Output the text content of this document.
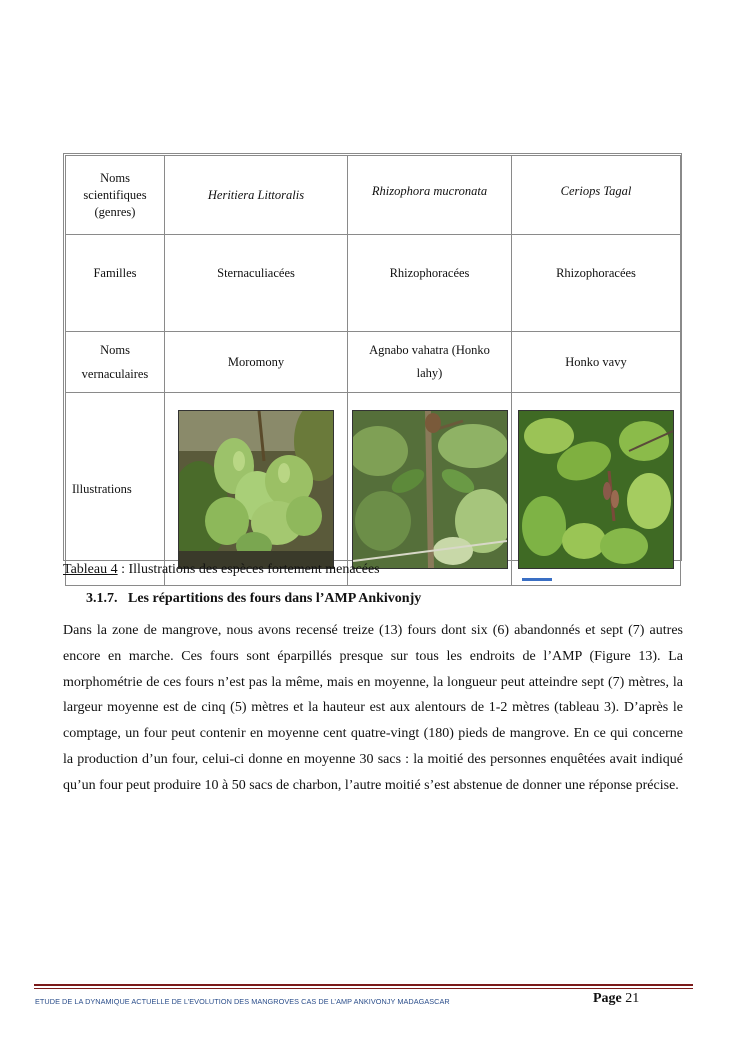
Noms scientifiques (genres)	Heritiera Littoralis	Rhizophora mucronata	Ceriops Tagal
Familles	Sternaculiacées	Rhizophoracées	Rhizophoracées
Noms vernaculaires	Moromony	Agnabo vahatra (Honko lahy)	Honko vavy
Illustrations	

Tableau 4 : Illustrations des espèces fortement menacées
3.1.7.   Les répartitions des fours dans l’AMP Ankivonjy

Dans la zone de mangrove, nous avons recensé treize (13) fours dont six (6) abandonnés et sept (7) autres encore en marche. Ces fours sont éparpillés presque sur tous les endroits de l’AMP (Figure 13). La morphométrie de ces fours n’est pas la même, mais en moyenne, la longueur peut atteindre sept (7) mètres, la largeur moyenne est de cinq (5) mètres et la hauteur est aux alentours de 1-2 mètres (tableau 3). D’après le comptage, un four peut contenir en moyenne cent quatre-vingt (180) pieds de mangrove. En ce qui concerne la production d’un four, celui-ci donne en moyenne 30 sacs : la moitié des personnes enquêtées avait indiqué qu’un four peut produire 10 à 50 sacs de charbon, l’autre moitié s’est abstenue de donner une réponse précise.

ETUDE DE LA DYNAMIQUE ACTUELLE DE L’EVOLUTION DES MANGROVES CAS DE L’AMP ANKIVONJY MADAGASCAR	Page 21
